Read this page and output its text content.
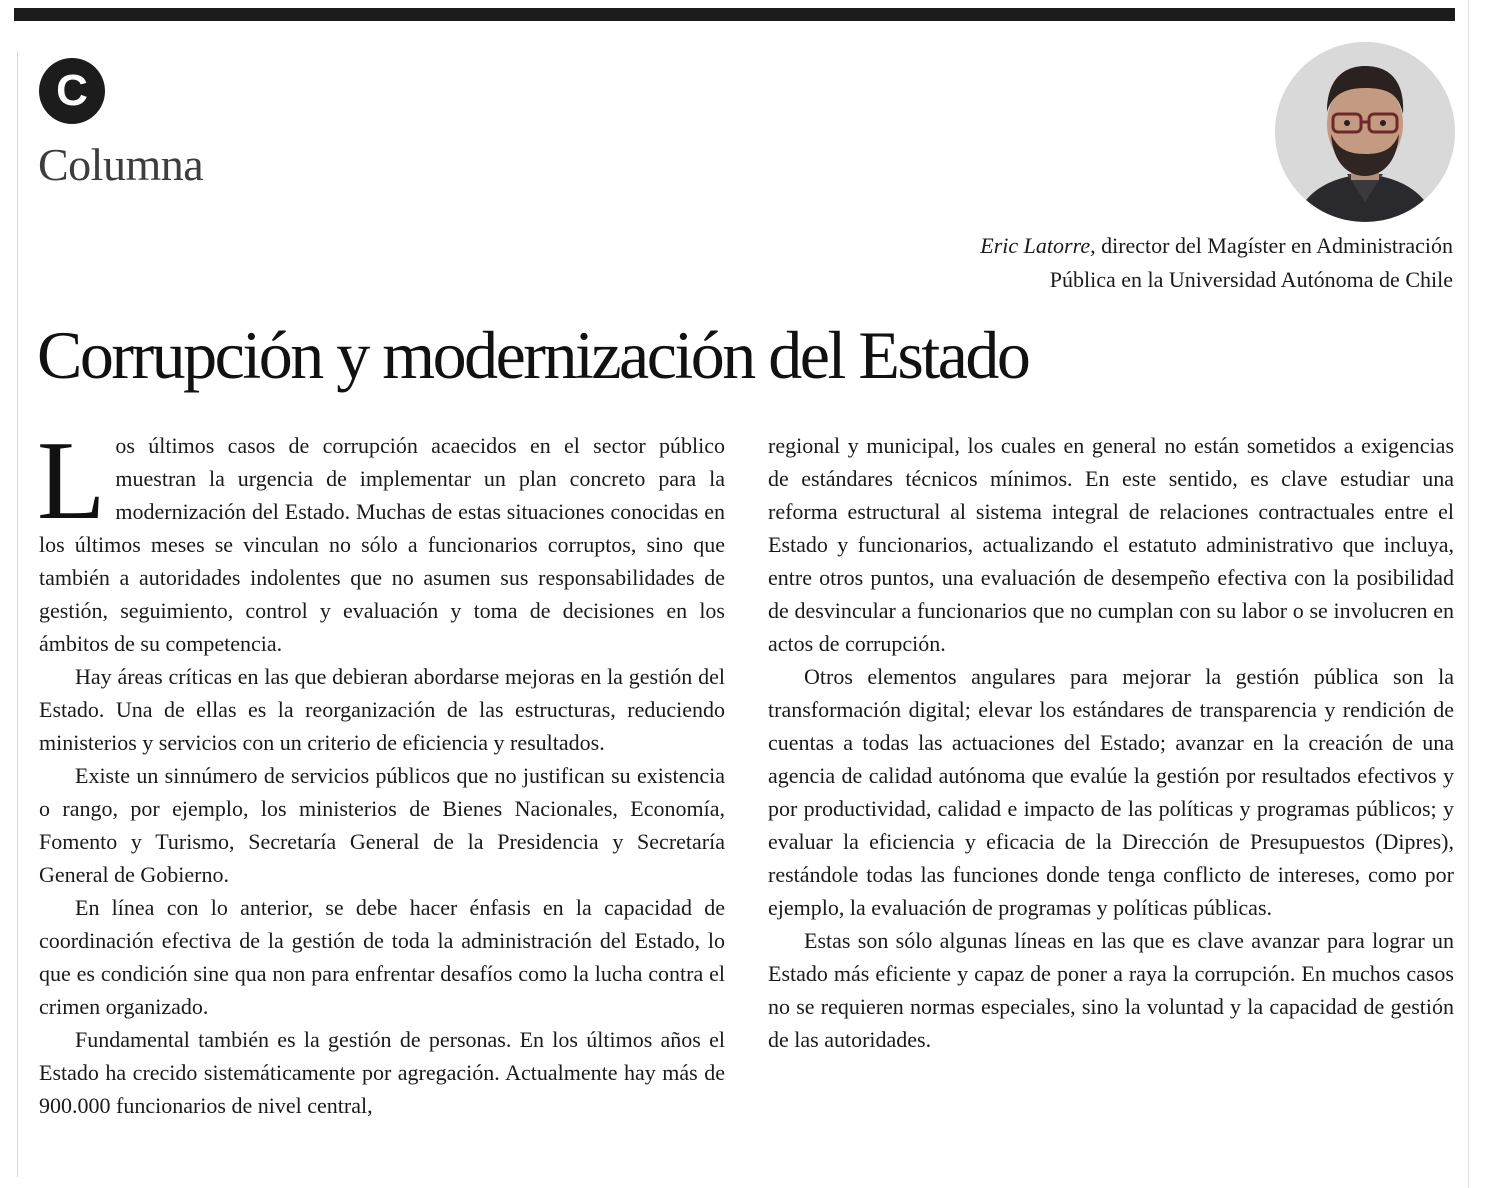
C
Columna
Eric Latorre, director del Magíster en Administración
Pública en la Universidad Autónoma de Chile
Corrupción y modernización del Estado

Los últimos casos de corrupción acaecidos en el sector público muestran la urgencia de implementar un plan concreto para la modernización del Estado. Muchas de estas situaciones conocidas en los últimos meses se vinculan no sólo a funcionarios corruptos, sino que también a autoridades indolentes que no asumen sus responsabilidades de gestión, seguimiento, control y evaluación y toma de decisiones en los ámbitos de su competencia.

Hay áreas críticas en las que debieran abordarse mejoras en la gestión del Estado. Una de ellas es la reorganización de las estructuras, reduciendo ministerios y servicios con un criterio de eficiencia y resultados.

Existe un sinnúmero de servicios públicos que no justifican su existencia o rango, por ejemplo, los ministerios de Bienes Nacionales, Economía, Fomento y Turismo, Secretaría General de la Presidencia y Secretaría General de Gobierno.

En línea con lo anterior, se debe hacer énfasis en la capacidad de coordinación efectiva de la gestión de toda la administración del Estado, lo que es condición sine qua non para enfrentar desafíos como la lucha contra el crimen organizado.

Fundamental también es la gestión de personas. En los últimos años el Estado ha crecido sistemáticamente por agregación. Actualmente hay más de 900.000 funcionarios de nivel central,

regional y municipal, los cuales en general no están sometidos a exigencias de estándares técnicos mínimos. En este sentido, es clave estudiar una reforma estructural al sistema integral de relaciones contractuales entre el Estado y funcionarios, actualizando el estatuto administrativo que incluya, entre otros puntos, una evaluación de desempeño efectiva con la posibilidad de desvincular a funcionarios que no cumplan con su labor o se involucren en actos de corrupción.

Otros elementos angulares para mejorar la gestión pública son la transformación digital; elevar los estándares de transparencia y rendición de cuentas a todas las actuaciones del Estado; avanzar en la creación de una agencia de calidad autónoma que evalúe la gestión por resultados efectivos y por productividad, calidad e impacto de las políticas y programas públicos; y evaluar la eficiencia y eficacia de la Dirección de Presupuestos (Dipres), restándole todas las funciones donde tenga conflicto de intereses, como por ejemplo, la evaluación de programas y políticas públicas.

Estas son sólo algunas líneas en las que es clave avanzar para lograr un Estado más eficiente y capaz de poner a raya la corrupción. En muchos casos no se requieren normas especiales, sino la voluntad y la capacidad de gestión de las autoridades.
